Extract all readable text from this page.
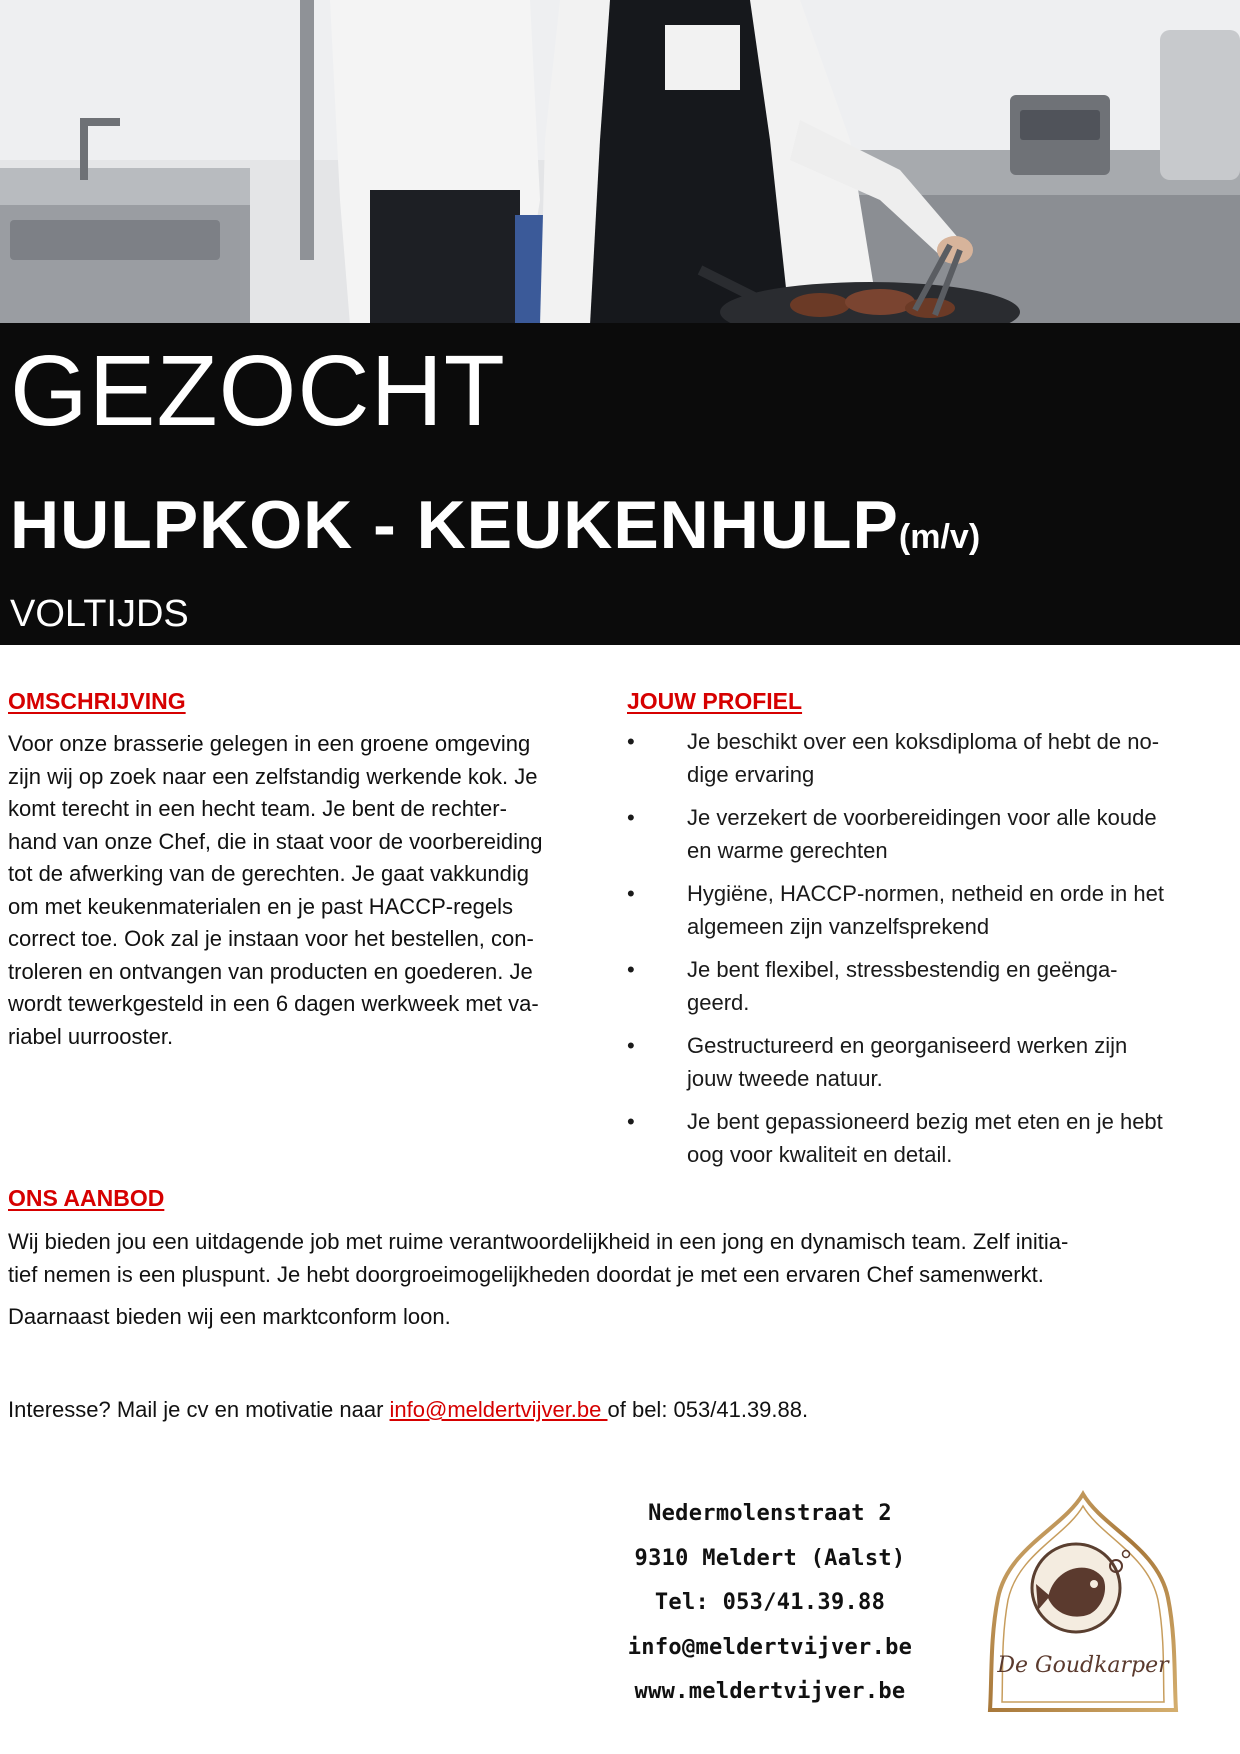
GEZOCHT
HULPKOK - KEUKENHULP(m/v)
VOLTIJDS
OMSCHRIJVING
Voor onze brasserie gelegen in een groene omgeving
zijn wij op zoek naar een zelfstandig werkende kok. Je
komt terecht in een hecht team. Je bent de rechter-
hand van onze Chef, die in staat voor de voorbereiding
tot de afwerking van de gerechten. Je gaat vakkundig
om met keukenmaterialen en je past HACCP-regels
correct toe. Ook zal je instaan voor het bestellen, con-
troleren en ontvangen van producten en goederen. Je
wordt tewerkgesteld in een 6 dagen werkweek met va-
riabel uurrooster.
JOUW PROFIEL
• Je beschikt over een koksdiploma of hebt de no-
dige ervaring
• Je verzekert de voorbereidingen voor alle koude
en warme gerechten
• Hygiëne, HACCP-normen, netheid en orde in het
algemeen zijn vanzelfsprekend
• Je bent flexibel, stressbestendig en geënga-
geerd.
• Gestructureerd en georganiseerd werken zijn
jouw tweede natuur.
• Je bent gepassioneerd bezig met eten en je hebt
oog voor kwaliteit en detail.
ONS AANBOD
Wij bieden jou een uitdagende job met ruime verantwoordelijkheid in een jong en dynamisch team. Zelf initia-
tief nemen is een pluspunt. Je hebt doorgroeimogelijkheden doordat je met een ervaren Chef samenwerkt.
Daarnaast bieden wij een marktconform loon.
Interesse? Mail je cv en motivatie naar info@meldertvijver.be of bel: 053/41.39.88.
Nedermolenstraat 2
9310 Meldert (Aalst)
Tel: 053/41.39.88
info@meldertvijver.be
www.meldertvijver.be
De Goudkarper
